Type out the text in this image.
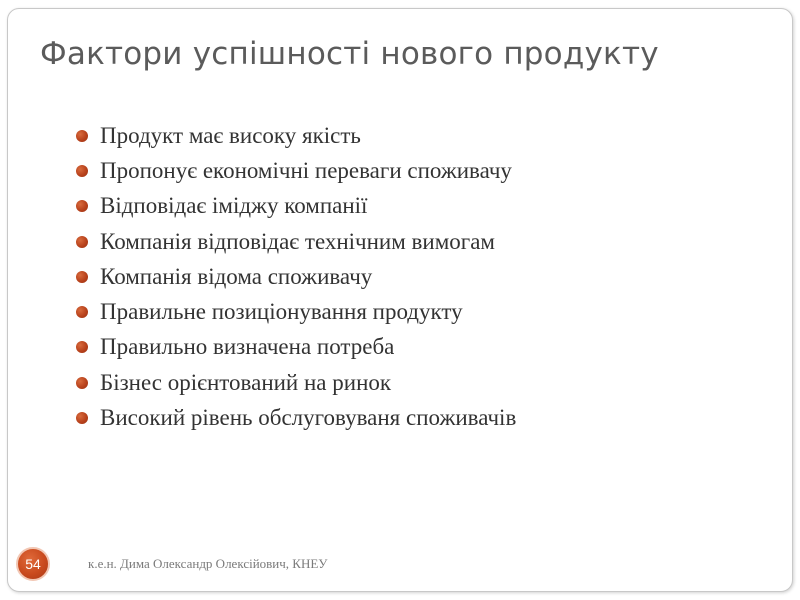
Фактори успішності нового продукту
Продукт має високу якість
Пропонує економічні переваги споживачу
Відповідає іміджу компанії
Компанія відповідає технічним вимогам
Компанія відома споживачу
Правильне позиціонування продукту
Правильно визначена потреба
Бізнес орієнтований на ринок
Високий рівень обслуговуваня споживачів
54	к.е.н. Дима Олександр Олексійович, КНЕУ
